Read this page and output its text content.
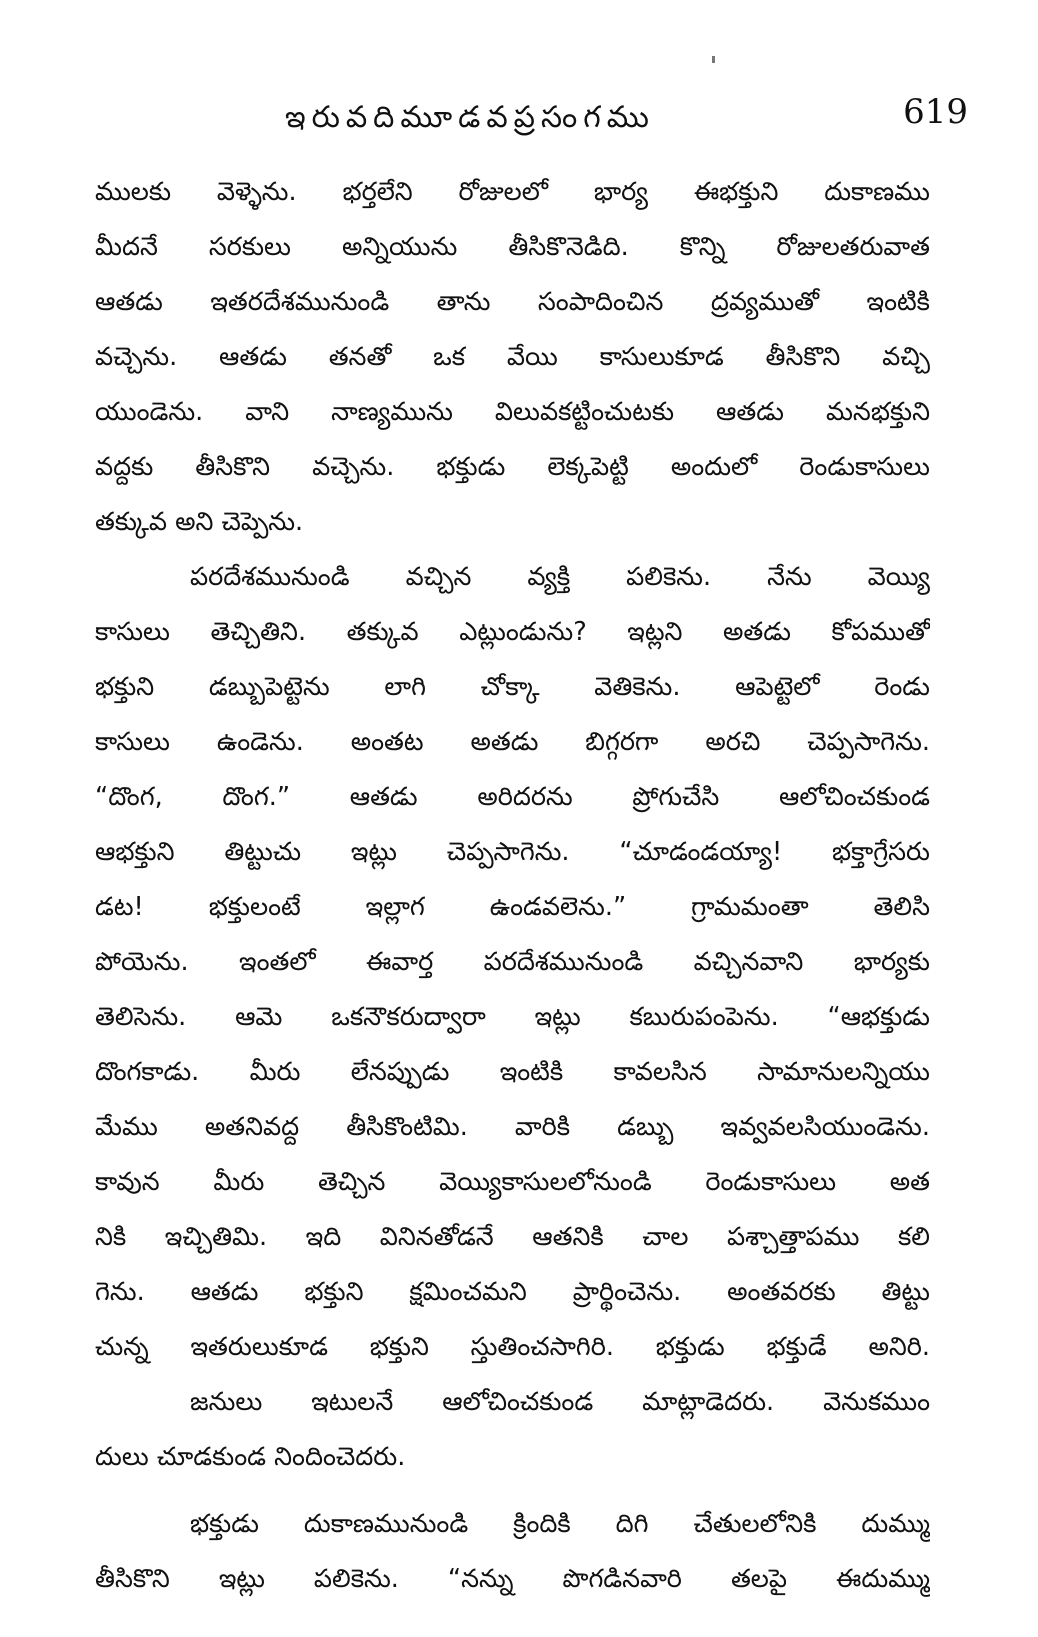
ఇరువదిమూడవప్రసంగము	619
ములకు వెళ్ళెను. భర్తలేని రోజులలో భార్య ఈభక్తుని దుకాణము
మీదనే సరకులు అన్నియును తీసికొనెడిది. కొన్ని రోజులతరువాత
ఆతడు ఇతరదేశమునుండి తాను సంపాదించిన ద్రవ్యముతో ఇంటికి
వచ్చెను. ఆతడు తనతో ఒక వేయి కాసులుకూడ తీసికొని వచ్చి
యుండెను. వాని నాణ్యమును విలువకట్టించుటకు ఆతడు మనభక్తుని
వద్దకు తీసికొని వచ్చెను. భక్తుడు లెక్కపెట్టి అందులో రెండుకాసులు
తక్కువ అని చెప్పెను.
పరదేశమునుండి వచ్చిన వ్యక్తి పలికెను. నేను వెయ్యి
కాసులు తెచ్చితిని. తక్కువ ఎట్లుండును? ఇట్లని అతడు కోపముతో
భక్తుని డబ్బుపెట్టెను లాగి చోక్కా వెతికెను. ఆపెట్టెలో రెండు
కాసులు ఉండెను. అంతట అతడు బిగ్గరగా అరచి చెప్పసాగెను.
“దొంగ, దొంగ.” ఆతడు అరిదరను ప్రోగుచేసి ఆలోచించకుండ
ఆభక్తుని తిట్టుచు ఇట్లు చెప్పసాగెను. “చూడండయ్యా! భక్తాగ్రేసరు
డట! భక్తులంటే ఇల్లాగ ఉండవలెను.” గ్రామమంతా తెలిసి
పోయెను. ఇంతలో ఈవార్త పరదేశమునుండి వచ్చినవాని భార్యకు
తెలిసెను. ఆమె ఒకనౌకరుద్వారా ఇట్లు కబురుపంపెను. “ఆభక్తుడు
దొంగకాడు. మీరు లేనప్పుడు ఇంటికి కావలసిన సామానులన్నియు
మేము అతనివద్ద తీసికొంటిమి. వారికి డబ్బు ఇవ్వవలసియుండెను.
కావున మీరు తెచ్చిన వెయ్యికాసులలోనుండి రెండుకాసులు అత
నికి ఇచ్చితిమి. ఇది వినినతోడనే ఆతనికి చాల పశ్చాత్తాపము కలి
గెను. ఆతడు భక్తుని క్షమించమని ప్రార్థించెను. అంతవరకు తిట్టు
చున్న ఇతరులుకూడ భక్తుని స్తుతించసాగిరి. భక్తుడు భక్తుడే అనిరి.
జనులు ఇటులనే ఆలోచించకుండ మాట్లాడెదరు. వెనుకముం
దులు చూడకుండ నిందించెదరు.
భక్తుడు దుకాణమునుండి క్రిందికి దిగి చేతులలోనికి దుమ్ము
తీసికొని ఇట్లు పలికెను. “నన్ను పొగడినవారి తలపై ఈదుమ్ము
